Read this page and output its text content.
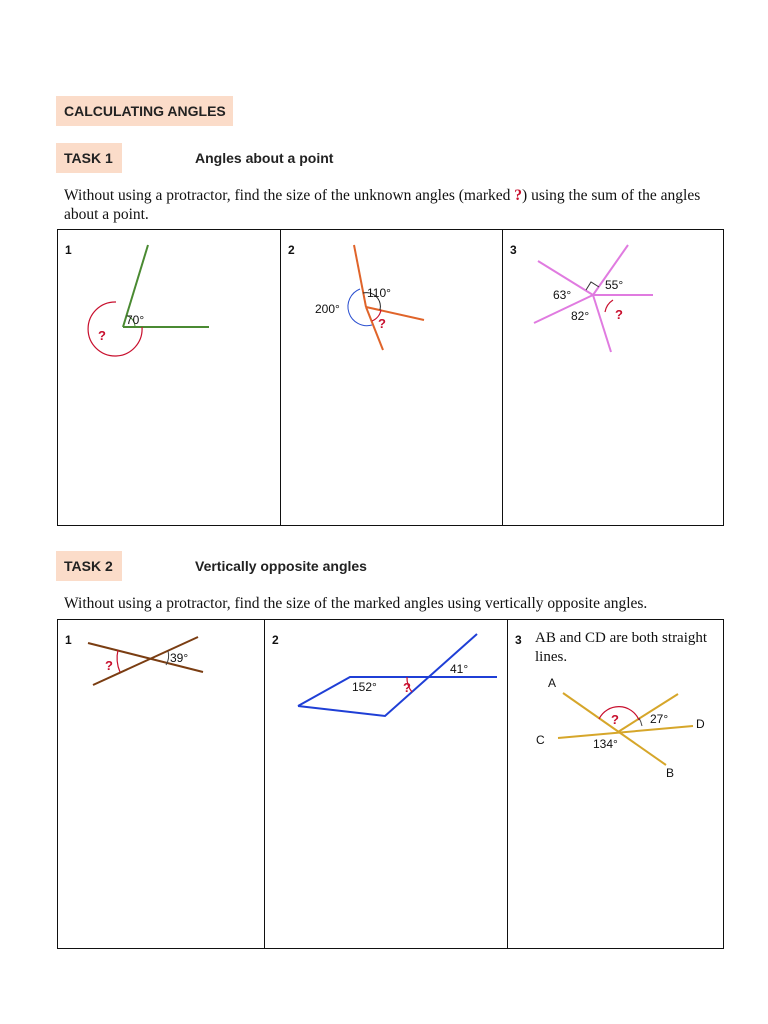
CALCULATING ANGLES
TASK 1	Angles about a point
Without using a protractor, find the size of the unknown angles (marked ?) using the sum of the angles about a point.
1
70°
?
2
110°
200°
?
3
55°
63°
82° ?
TASK 2	Vertically opposite angles
Without using a protractor, find the size of the marked angles using vertically opposite angles.
1
39°
?
2
152°
41°
?
3 AB and CD are both straight lines.
A
B
C
D
27°
134°
?
